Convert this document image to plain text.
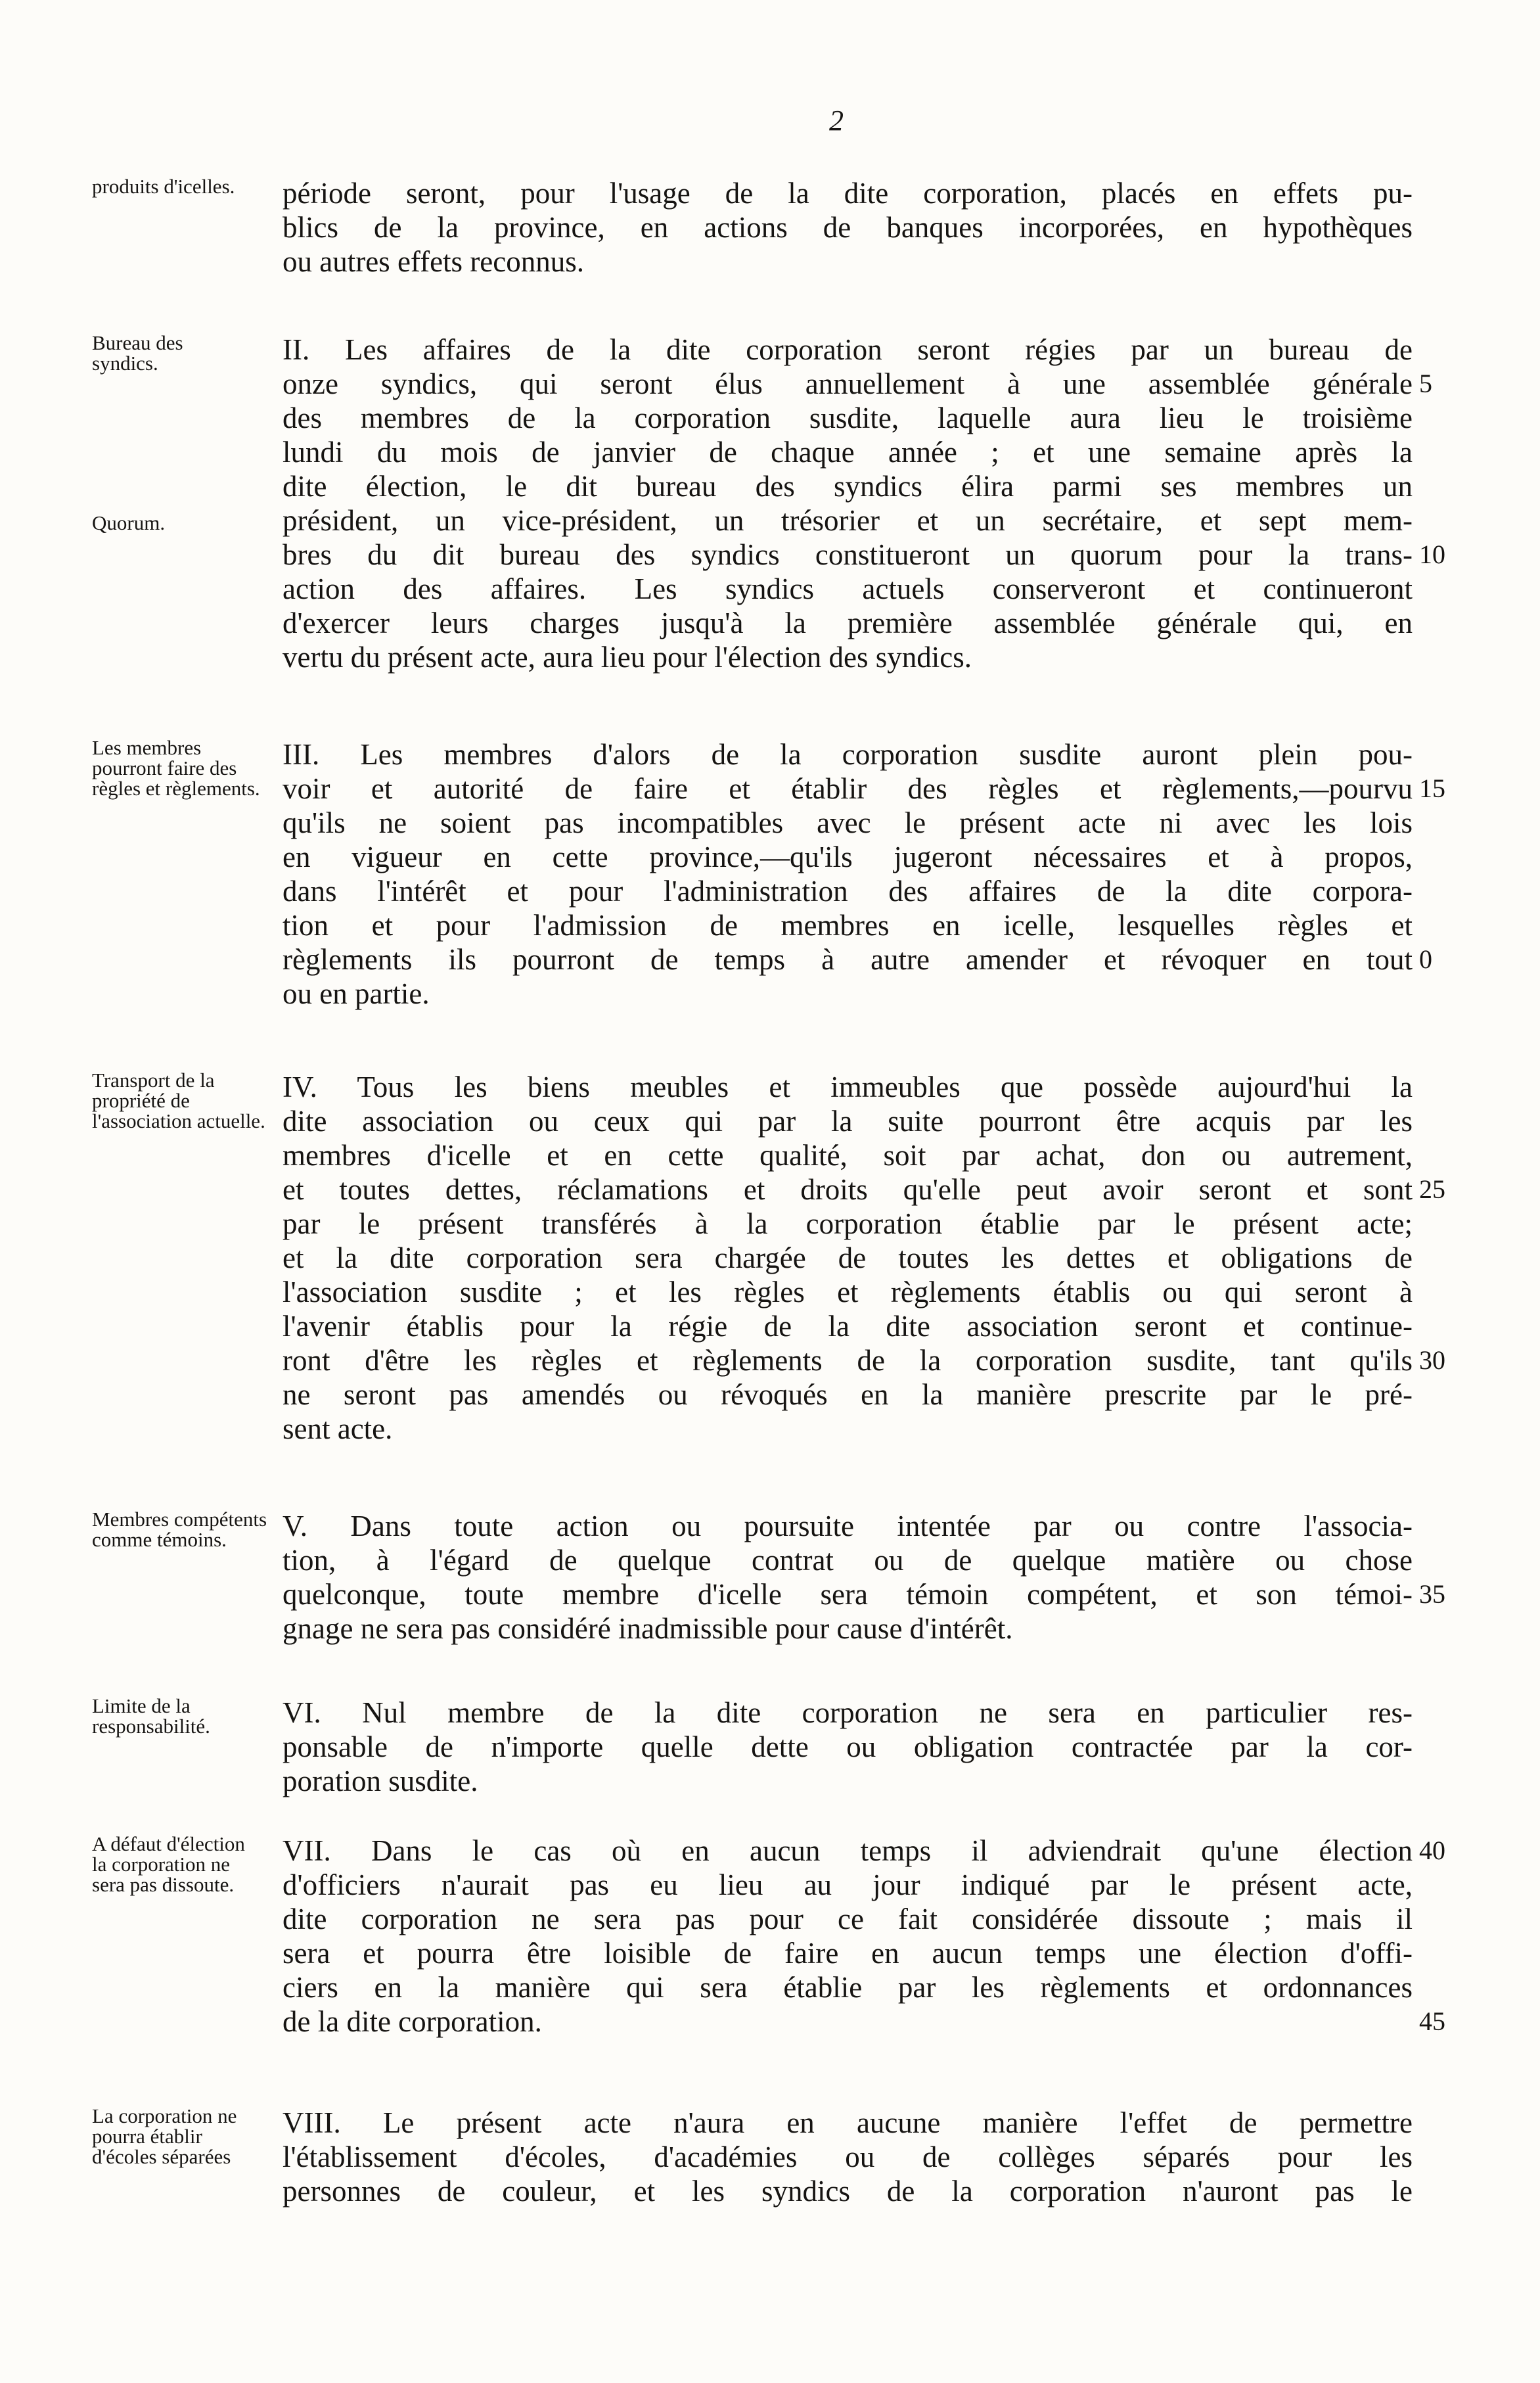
2
produits d'icelles.	période seront, pour l'usage de la dite corporation, placés en effets pu-
blics de la province, en actions de banques incorporées, en hypothèques
ou autres effets reconnus.
Bureau des syndics.
Quorum.
II. Les affaires de la dite corporation seront régies par un bureau de
onze syndics, qui seront élus annuellement à une assemblée générale
des membres de la corporation susdite, laquelle aura lieu le troisième
lundi du mois de janvier de chaque année ; et une semaine après la
dite élection, le dit bureau des syndics élira parmi ses membres un
président, un vice-président, un trésorier et un secrétaire, et sept mem-
bres du dit bureau des syndics constitueront un quorum pour la trans-
action des affaires. Les syndics actuels conserveront et continueront
d'exercer leurs charges jusqu'à la première assemblée générale qui, en
vertu du présent acte, aura lieu pour l'élection des syndics.
5
10
Les membres pourront faire des règles et règlements.
III. Les membres d'alors de la corporation susdite auront plein pou-
voir et autorité de faire et établir des règles et règlements,—pourvu
qu'ils ne soient pas incompatibles avec le présent acte ni avec les lois
en vigueur en cette province,—qu'ils jugeront nécessaires et à propos,
dans l'intérêt et pour l'administration des affaires de la dite corpora-
tion et pour l'admission de membres en icelle, lesquelles règles et
règlements ils pourront de temps à autre amender et révoquer en tout
ou en partie.
15
0
Transport de la propriété de l'association actuelle.
IV. Tous les biens meubles et immeubles que possède aujourd'hui la
dite association ou ceux qui par la suite pourront être acquis par les
membres d'icelle et en cette qualité, soit par achat, don ou autrement,
et toutes dettes, réclamations et droits qu'elle peut avoir seront et sont
par le présent transférés à la corporation établie par le présent acte;
et la dite corporation sera chargée de toutes les dettes et obligations de
l'association susdite ; et les règles et règlements établis ou qui seront à
l'avenir établis pour la régie de la dite association seront et continue-
ront d'être les règles et règlements de la corporation susdite, tant qu'ils
ne seront pas amendés ou révoqués en la manière prescrite par le pré-
sent acte.
25
30
Membres compétents comme témoins.	V. Dans toute action ou poursuite intentée par ou contre l'associa-
tion, à l'égard de quelque contrat ou de quelque matière ou chose
quelconque, toute membre d'icelle sera témoin compétent, et son témoi-
gnage ne sera pas considéré inadmissible pour cause d'intérêt.
35
Limite de la responsabilité.	VI. Nul membre de la dite corporation ne sera en particulier res-
ponsable de n'importe quelle dette ou obligation contractée par la cor-
poration susdite.
A défaut d'élection la corporation ne sera pas dissoute.
VII. Dans le cas où en aucun temps il adviendrait qu'une élection
d'officiers n'aurait pas eu lieu au jour indiqué par le présent acte,
dite corporation ne sera pas pour ce fait considérée dissoute ; mais il
sera et pourra être loisible de faire en aucun temps une élection d'offi-
ciers en la manière qui sera établie par les règlements et ordonnances
de la dite corporation.
40
45
La corporation ne pourra établir d'écoles séparées
VIII. Le présent acte n'aura en aucune manière l'effet de permettre
l'établissement d'écoles, d'académies ou de collèges séparés pour les
personnes de couleur, et les syndics de la corporation n'auront pas le
